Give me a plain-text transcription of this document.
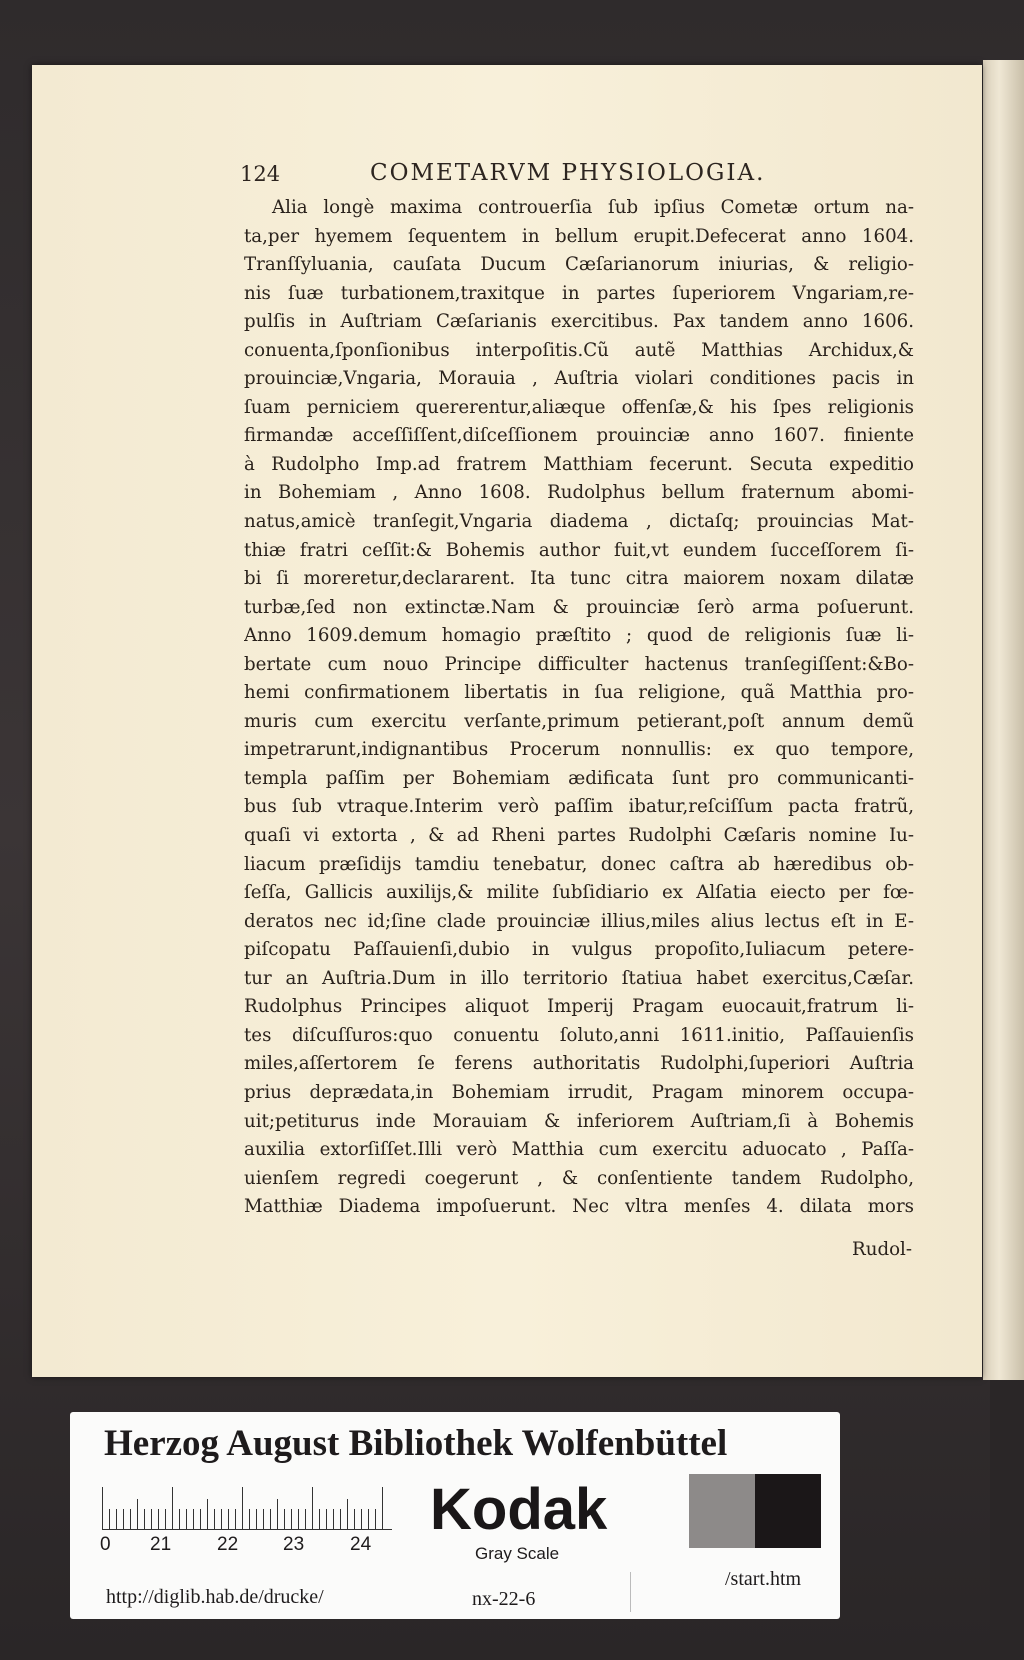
124	COMETARVM PHYSIOLOGIA.
Alia longè maxima controuerſia ſub ipſius Cometæ ortum na-
ta,per hyemem ſequentem in bellum erupit.Defecerat anno 1604.
Tranſſyluania, cauſata Ducum Cæſarianorum iniurias, & religio-
nis ſuæ turbationem,traxitque in partes ſuperiorem Vngariam,re-
pulſis in Auſtriam Cæſarianis exercitibus. Pax tandem anno 1606.
conuenta,ſponſionibus interpoſitis.Cũ autẽ Matthias Archidux,&
prouinciæ,Vngaria, Morauia , Auſtria violari conditiones pacis in
ſuam perniciem quererentur,aliæque offenſæ,& his ſpes religionis
firmandæ acceſſiſſent,diſceſſionem prouinciæ anno 1607. finiente
à Rudolpho Imp.ad fratrem Matthiam fecerunt. Secuta expeditio
in Bohemiam , Anno 1608. Rudolphus bellum fraternum abomi-
natus,amicè tranſegit,Vngaria diadema , dictaſq; prouincias Mat-
thiæ fratri ceſſit:& Bohemis author fuit,vt eundem ſucceſſorem ſi-
bi ſi moreretur,declararent. Ita tunc citra maiorem noxam dilatæ
turbæ,ſed non extinctæ.Nam & prouinciæ ſerò arma poſuerunt.
Anno 1609.demum homagio præſtito ; quod de religionis ſuæ li-
bertate cum nouo Principe difficulter hactenus tranſegiſſent:&Bo-
hemi confirmationem libertatis in ſua religione, quã Matthia pro-
muris cum exercitu verſante,primum petierant,poſt annum demũ
impetrarunt,indignantibus Procerum nonnullis: ex quo tempore,
templa paſſim per Bohemiam ædificata ſunt pro communicanti-
bus ſub vtraque.Interim verò paſſim ibatur,reſciſſum pacta fratrũ,
quaſi vi extorta , & ad Rheni partes Rudolphi Cæſaris nomine Iu-
liacum præſidijs tamdiu tenebatur, donec caſtra ab hæredibus ob-
ſeſſa, Gallicis auxilijs,& milite ſubſidiario ex Alſatia eiecto per fœ-
deratos nec id;ſine clade prouinciæ illius,miles alius lectus eſt in E-
piſcopatu Paſſauienſi,dubio in vulgus propoſito,Iuliacum petere-
tur an Auſtria.Dum in illo territorio ſtatiua habet exercitus,Cæſar.
Rudolphus Principes aliquot Imperij Pragam euocauit,fratrum li-
tes diſcuſſuros:quo conuentu ſoluto,anni 1611.initio, Paſſauienſis
miles,aſſertorem ſe ferens authoritatis Rudolphi,ſuperiori Auſtria
prius deprædata,in Bohemiam irrudit, Pragam minorem occupa-
uit;petiturus inde Morauiam & inferiorem Auſtriam,ſi à Bohemis
auxilia extorſiſſet.Illi verò Matthia cum exercitu aduocato , Paſſa-
uienſem regredi coegerunt , & conſentiente tandem Rudolpho,
Matthiæ Diadema impoſuerunt. Nec vltra menſes 4. dilata mors
Rudol-
Herzog August Bibliothek Wolfenbüttel
0 21 22 23 24
Kodak
Gray Scale
http://diglib.hab.de/drucke/	nx-22-6
/start.htm
